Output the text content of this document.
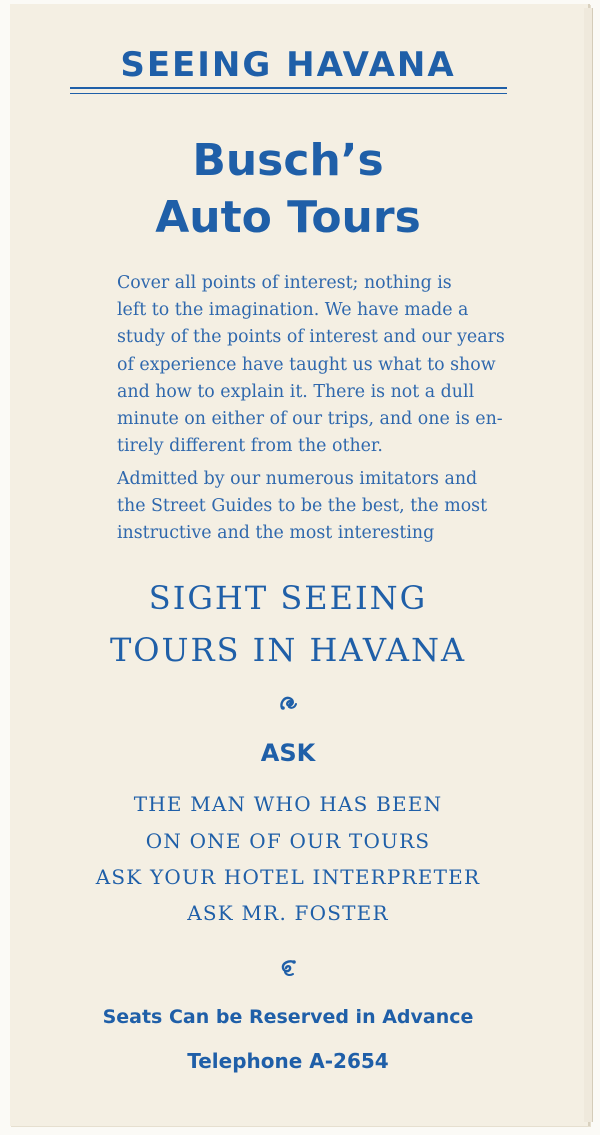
SEEING HAVANA
Busch’s
Auto Tours
Cover all points of interest; nothing is
left to the imagination. We have made a
study of the points of interest and our years
of experience have taught us what to show
and how to explain it. There is not a dull
minute on either of our trips, and one is en-
tirely different from the other.
Admitted by our numerous imitators and
the Street Guides to be the best, the most
instructive and the most interesting
SIGHT SEEING
TOURS IN HAVANA
ASK
THE MAN WHO HAS BEEN
ON ONE OF OUR TOURS
ASK YOUR HOTEL INTERPRETER
ASK MR. FOSTER
Seats Can be Reserved in Advance
Telephone A-2654
